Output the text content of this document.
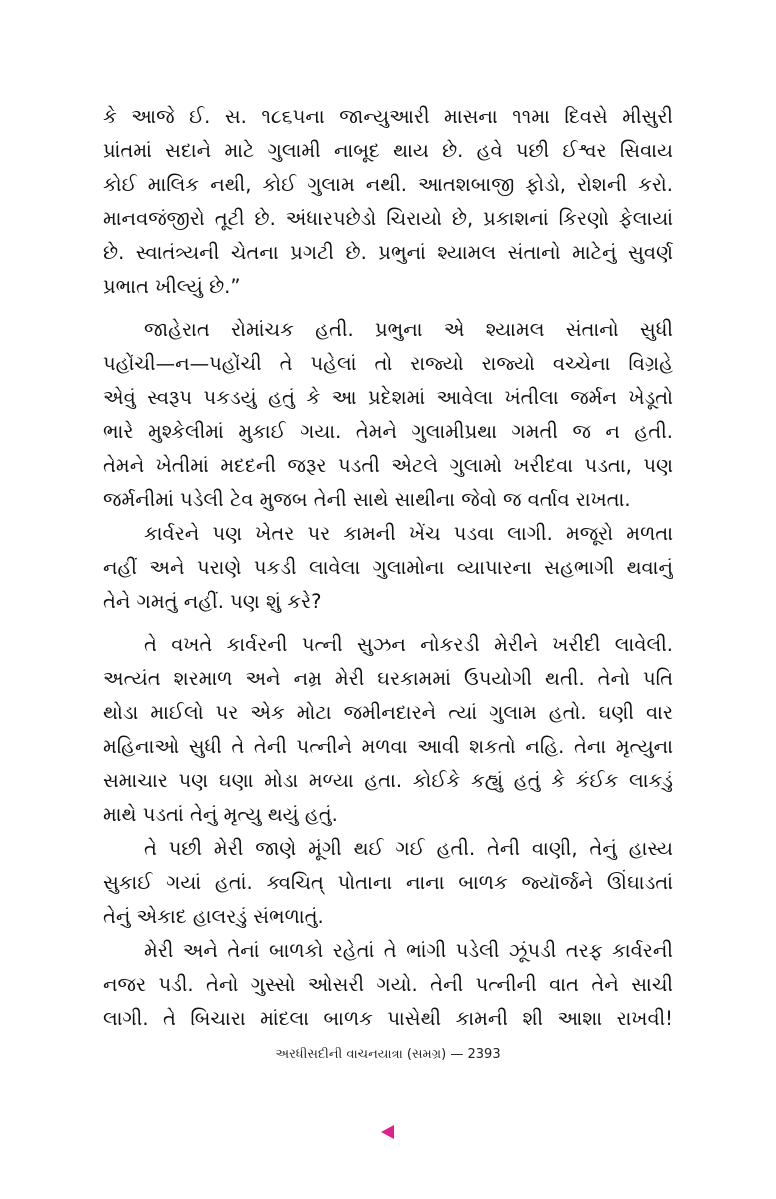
કે આજે ઈ. સ. ૧૮૬૫ના જાન્યુઆરી માસના ૧૧મા દિવસે મીસુરી
પ્રાંતમાં સદાને માટે ગુલામી નાબૂદ થાય છે. હવે પછી ઈશ્વર સિવાય
કોઈ માલિક નથી, કોઈ ગુલામ નથી. આતશબાજી ફોડો, રોશની કરો.
માનવજંજીરો તૂટી છે. અંધારપછેડો ચિરાયો છે, પ્રકાશનાં કિરણો ફેલાયાં
છે. સ્વાતંત્ર્યની ચેતના પ્રગટી છે. પ્રભુનાં શ્યામલ સંતાનો માટેનું સુવર્ણ
પ્રભાત ખીલ્યું છે.”

જાહેરાત રોમાંચક હતી. પ્રભુના એ શ્યામલ સંતાનો સુધી
પહોંચી—ન—પહોંચી તે પહેલાં તો રાજ્યો રાજ્યો વચ્ચેના વિગ્રહે
એવું સ્વરૂપ પકડયું હતું કે આ પ્રદેશમાં આવેલા ખંતીલા જર્મન ખેડૂતો
ભારે મુશ્કેલીમાં મુકાઈ ગયા. તેમને ગુલામીપ્રથા ગમતી જ ન હતી.
તેમને ખેતીમાં મદદની જરૂર પડતી એટલે ગુલામો ખરીદવા પડતા, પણ
જર્મનીમાં પડેલી ટેવ મુજબ તેની સાથે સાથીના જેવો જ વર્તાવ રાખતા.

કાર્વરને પણ ખેતર પર કામની ખેંચ પડવા લાગી. મજૂરો મળતા
નહીં અને પરાણે પકડી લાવેલા ગુલામોના વ્યાપારના સહભાગી થવાનું
તેને ગમતું નહીં. પણ શું કરે?

તે વખતે કાર્વરની પત્ની સુઝન નોકરડી મેરીને ખરીદી લાવેલી.
અત્યંત શરમાળ અને નમ્ર મેરી ઘરકામમાં ઉપયોગી થતી. તેનો પતિ
થોડા માઈલો પર એક મોટા જમીનદારને ત્યાં ગુલામ હતો. ઘણી વાર
મહિનાઓ સુધી તે તેની પત્નીને મળવા આવી શકતો નહિ. તેના મૃત્યુના
સમાચાર પણ ઘણા મોડા મળ્યા હતા. કોઈકે કહ્યું હતું કે કંઈક લાકડું
માથે પડતાં તેનું મૃત્યુ થયું હતું.

તે પછી મેરી જાણે મૂંગી થઈ ગઈ હતી. તેની વાણી, તેનું હાસ્ય
સુકાઈ ગયાં હતાં. ક્વચિત્ પોતાના નાના બાળક જ્યૉર્જને ઊંઘાડતાં
તેનું એકાદ હાલરડું સંભળાતું.

મેરી અને તેનાં બાળકો રહેતાં તે ભાંગી પડેલી ઝૂંપડી તરફ કાર્વરની
નજર પડી. તેનો ગુસ્સો ઓસરી ગયો. તેની પત્નીની વાત તેને સાચી
લાગી. તે બિચારા માંદલા બાળક પાસેથી કામની શી આશા રાખવી!

અરધીસદીની વાચનયાત્રા (સમગ્ર) — 2393
